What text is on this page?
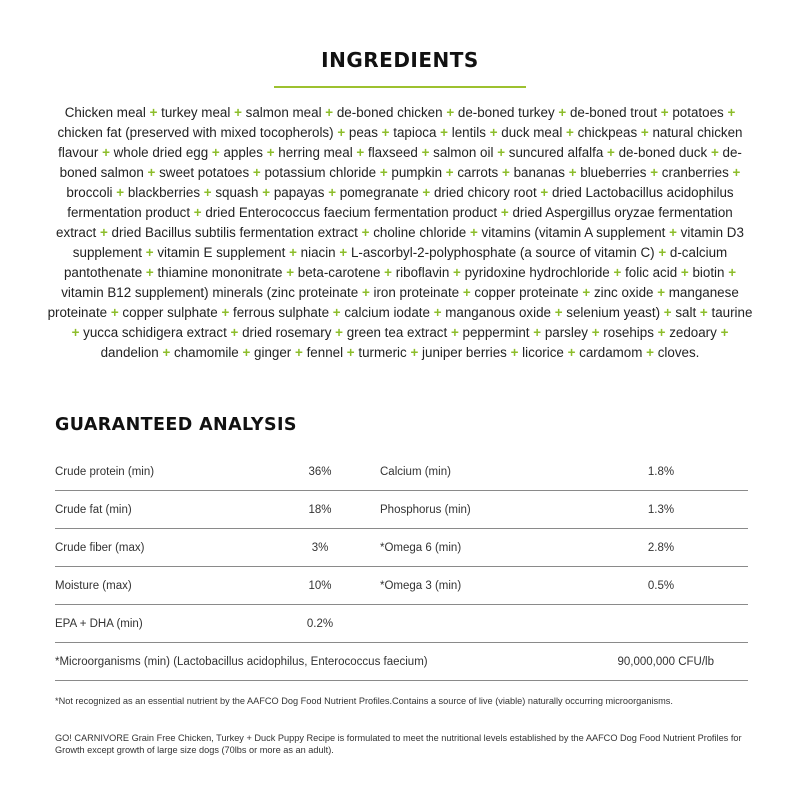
INGREDIENTS
Chicken meal + turkey meal + salmon meal + de-boned chicken + de-boned turkey + de-boned trout + potatoes + chicken fat (preserved with mixed tocopherols) + peas + tapioca + lentils + duck meal + chickpeas + natural chicken flavour + whole dried egg + apples + herring meal + flaxseed + salmon oil + suncured alfalfa + de-boned duck + de-boned salmon + sweet potatoes + potassium chloride + pumpkin + carrots + bananas + blueberries + cranberries + broccoli + blackberries + squash + papayas + pomegranate + dried chicory root + dried Lactobacillus acidophilus fermentation product + dried Enterococcus faecium fermentation product + dried Aspergillus oryzae fermentation extract + dried Bacillus subtilis fermentation extract + choline chloride + vitamins (vitamin A supplement + vitamin D3 supplement + vitamin E supplement + niacin + L-ascorbyl-2-polyphosphate (a source of vitamin C) + d-calcium pantothenate + thiamine mononitrate + beta-carotene + riboflavin + pyridoxine hydrochloride + folic acid + biotin + vitamin B12 supplement) minerals (zinc proteinate + iron proteinate + copper proteinate + zinc oxide + manganese proteinate + copper sulphate + ferrous sulphate + calcium iodate + manganous oxide + selenium yeast) + salt + taurine + yucca schidigera extract + dried rosemary + green tea extract + peppermint + parsley + rosehips + zedoary + dandelion + chamomile + ginger + fennel + turmeric + juniper berries + licorice + cardamom + cloves.
GUARANTEED ANALYSIS
Crude protein (min)	36%	Calcium (min)	1.8%
Crude fat (min)	18%	Phosphorus (min)	1.3%
Crude fiber (max)	3%	*Omega 6 (min)	2.8%
Moisture (max)	10%	*Omega 3 (min)	0.5%
EPA + DHA (min)	0.2%
*Microorganisms (min) (Lactobacillus acidophilus, Enterococcus faecium)	90,000,000 CFU/lb
*Not recognized as an essential nutrient by the AAFCO Dog Food Nutrient Profiles.Contains a source of live (viable) naturally occurring microorganisms.
GO! CARNIVORE Grain Free Chicken, Turkey + Duck Puppy Recipe is formulated to meet the nutritional levels established by the AAFCO Dog Food Nutrient Profiles for Growth except growth of large size dogs (70lbs or more as an adult).
